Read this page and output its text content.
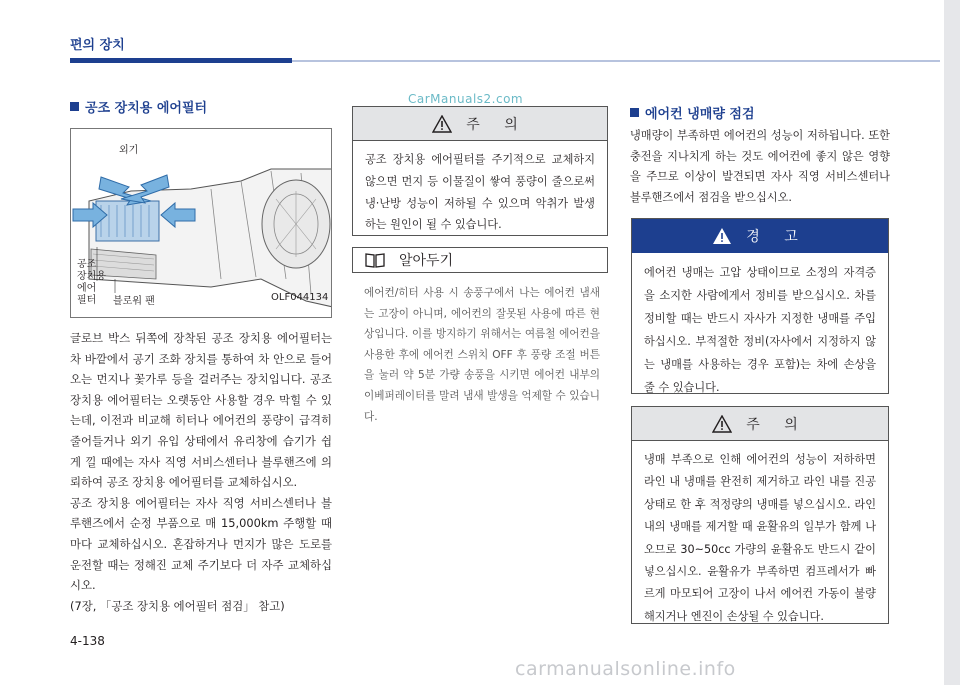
편의 장치
공조 장치용 에어필터
외기
공조
장치용
에어
필터	블로워 팬	OLF044134

글로브 박스 뒤쪽에 장착된 공조 장치용 에어필터는 차 바깥에서 공기 조화 장치를 통하여 차 안으로 들어오는 먼지나 꽃가루 등을 걸러주는 장치입니다. 공조 장치용 에어필터는 오랫동안 사용할 경우 막힐 수 있는데, 이전과 비교해 히터나 에어컨의 풍량이 급격히 줄어들거나 외기 유입 상태에서 유리창에 습기가 쉽게 낄 때에는 자사 직영 서비스센터나 블루핸즈에 의뢰하여 공조 장치용 에어필터를 교체하십시오.

공조 장치용 에어필터는 자사 직영 서비스센터나 블루핸즈에서 순정 부품으로 매 15,000km 주행할 때마다 교체하십시오. 혼잡하거나 먼지가 많은 도로를 운전할 때는 정해진 교체 주기보다 더 자주 교체하십시오.

(7장, 「공조 장치용 에어필터 점검」 참고)

주 의
공조 장치용 에어필터를 주기적으로 교체하지 않으면 먼지 등 이물질이 쌓여 풍량이 줄으로써 냉·난방 성능이 저하될 수 있으며 악취가 발생하는 원인이 될 수 있습니다.
알아두기
에어컨/히터 사용 시 송풍구에서 나는 에어컨 냄새는 고장이 아니며, 에어컨의 잘못된 사용에 따른 현상입니다. 이를 방지하기 위해서는 여름철 에어컨을 사용한 후에 에어컨 스위치 OFF 후 풍량 조절 버튼을 눌러 약 5분 가량 송풍을 시키면 에어컨 내부의 이베퍼레이터를 말려 냄새 발생을 억제할 수 있습니다.
에어컨 냉매량 점검
냉매량이 부족하면 에어컨의 성능이 저하됩니다. 또한 충전을 지나치게 하는 것도 에어컨에 좋지 않은 영향을 주므로 이상이 발견되면 자사 직영 서비스센터나 블루핸즈에서 점검을 받으십시오.
경 고
에어컨 냉매는 고압 상태이므로 소정의 자격증을 소지한 사람에게서 정비를 받으십시오. 차를 정비할 때는 반드시 자사가 지정한 냉매를 주입하십시오. 부적절한 정비(자사에서 지정하지 않는 냉매를 사용하는 경우 포함)는 차에 손상을 줄 수 있습니다.
주 의
냉매 부족으로 인해 에어컨의 성능이 저하하면 라인 내 냉매를 완전히 제거하고 라인 내를 진공 상태로 한 후 적정량의 냉매를 넣으십시오. 라인 내의 냉매를 제거할 때 윤활유의 일부가 함께 나오므로 30~50cc 가량의 윤활유도 반드시 같이 넣으십시오. 윤활유가 부족하면 컴프레서가 빠르게 마모되어 고장이 나서 에어컨 가동이 불량해지거나 엔진이 손상될 수 있습니다.
4-138
CarManuals2.com
carmanualsonline.info
